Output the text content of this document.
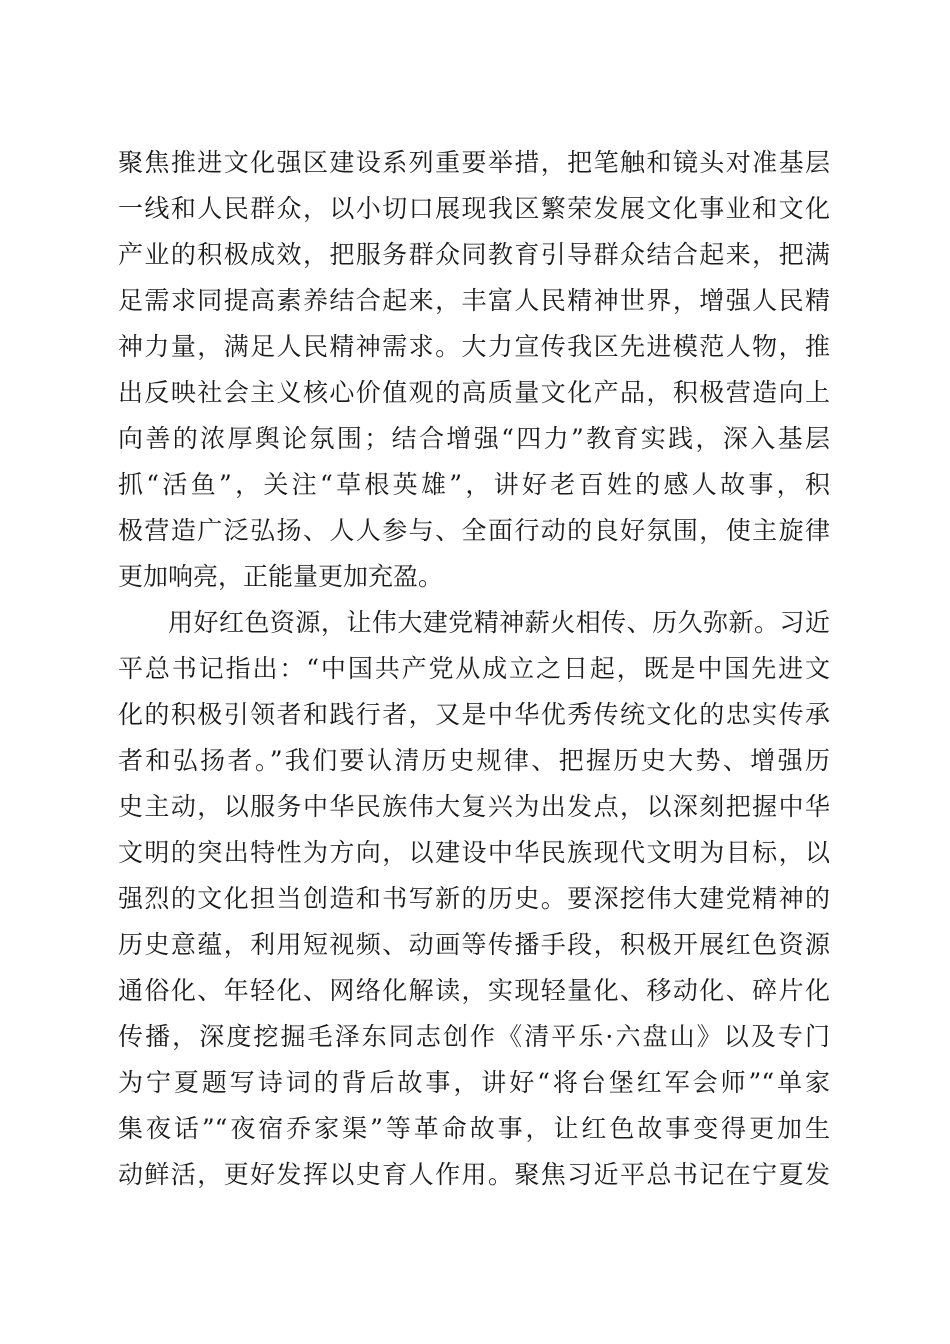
聚焦推进文化强区建设系列重要举措，把笔触和镜头对准基层
一线和人民群众，以小切口展现我区繁荣发展文化事业和文化
产业的积极成效，把服务群众同教育引导群众结合起来，把满
足需求同提高素养结合起来，丰富人民精神世界，增强人民精
神力量，满足人民精神需求。大力宣传我区先进模范人物，推
出反映社会主义核心价值观的高质量文化产品，积极营造向上
向善的浓厚舆论氛围；结合增强“四力”教育实践，深入基层
抓“活鱼”，关注“草根英雄”，讲好老百姓的感人故事，积
极营造广泛弘扬、人人参与、全面行动的良好氛围，使主旋律
更加响亮，正能量更加充盈。
用好红色资源，让伟大建党精神薪火相传、历久弥新。习近
平总书记指出：“中国共产党从成立之日起，既是中国先进文
化的积极引领者和践行者，又是中华优秀传统文化的忠实传承
者和弘扬者。”我们要认清历史规律、把握历史大势、增强历
史主动，以服务中华民族伟大复兴为出发点，以深刻把握中华
文明的突出特性为方向，以建设中华民族现代文明为目标，以
强烈的文化担当创造和书写新的历史。要深挖伟大建党精神的
历史意蕴，利用短视频、动画等传播手段，积极开展红色资源
通俗化、年轻化、网络化解读，实现轻量化、移动化、碎片化
传播，深度挖掘毛泽东同志创作《清平乐·六盘山》以及专门
为宁夏题写诗词的背后故事，讲好“将台堡红军会师”“单家
集夜话”“夜宿乔家渠”等革命故事，让红色故事变得更加生
动鲜活，更好发挥以史育人作用。聚焦习近平总书记在宁夏发
